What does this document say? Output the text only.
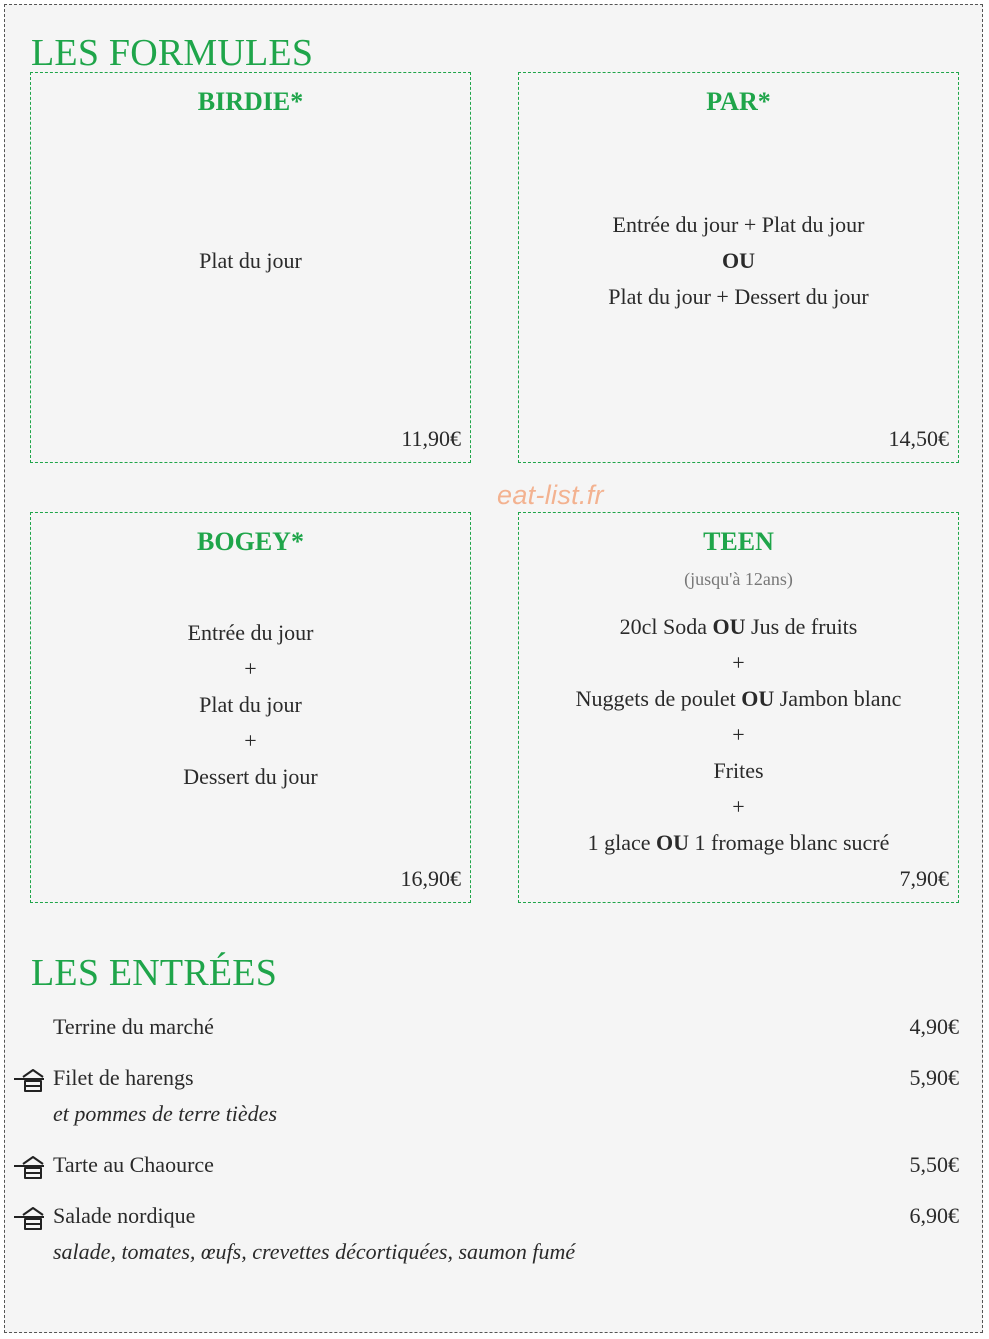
LES FORMULES
BIRDIE*
Plat du jour
11,90€
PAR*
Entrée du jour + Plat du jour
OU
Plat du jour + Dessert du jour
14,50€
BOGEY*
Entrée du jour
+
Plat du jour
+
Dessert du jour
16,90€
TEEN
(jusqu'à 12ans)
20cl Soda OU Jus de fruits
+
Nuggets de poulet OU Jambon blanc
+
Frites
+
1 glace OU 1 fromage blanc sucré
7,90€
eat-list.fr
LES ENTRÉES
Terrine du marché	4,90€
Filet de harengs
et pommes de terre tièdes
5,90€
Tarte au Chaource	5,50€
Salade nordique
salade, tomates, œufs, crevettes décortiquées, saumon fumé
6,90€
